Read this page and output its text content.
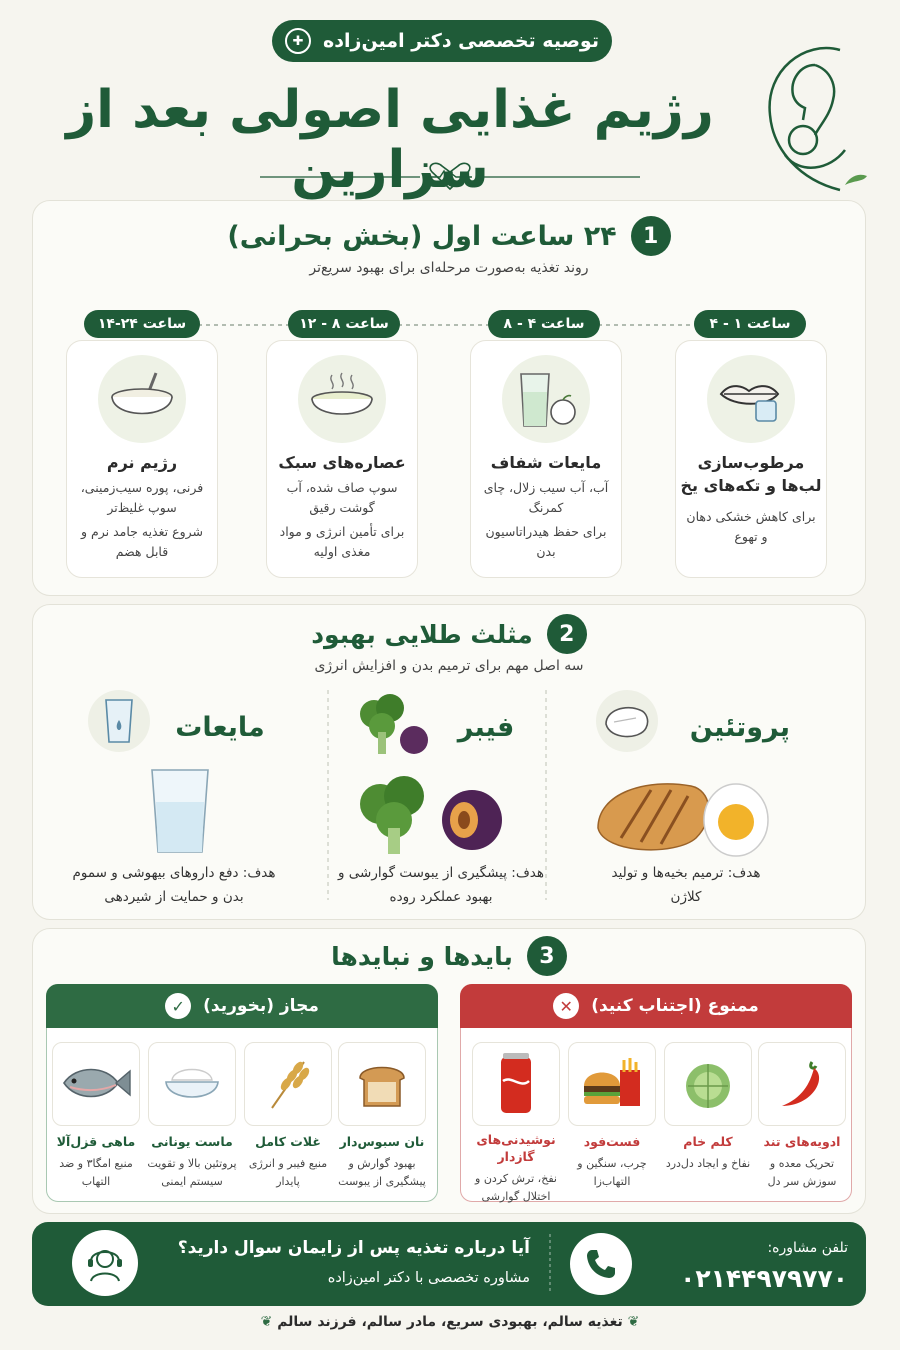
توصیه تخصصی دکتر امین‌زاده
✚
رژیم غذایی اصولی بعد از سزارین
1
۲۴ ساعت اول (بخش بحرانی)
روند تغذیه به‌صورت مرحله‌ای برای بهبود سریع‌تر
ساعت ۱ - ۴
ساعت ۴ - ۸
ساعت ۸ - ۱۲
ساعت ۲۴-۱۴
مرطوب‌سازی لب‌ها و تکه‌های یخ
برای کاهش خشکی دهان و تهوع
مایعات شفاف
آب، آب سیب زلال، چای کمرنگ
برای حفظ هیدراتاسیون بدن
عصاره‌های سبک
سوپ صاف شده، آب گوشت رقیق
برای تأمین انرژی و مواد مغذی اولیه
رژیم نرم
فرنی، پوره سیب‌زمینی، سوپ غلیظ‌تر
شروع تغذیه جامد نرم و قابل هضم
2
مثلث طلایی بهبود
سه اصل مهم برای ترمیم بدن و افزایش انرژی
پروتئین
هدف: ترمیم بخیه‌ها و تولید کلاژن
فیبر
هدف: پیشگیری از یبوست گوارشی و بهبود عملکرد روده
مایعات
هدف: دفع داروهای بیهوشی و سموم بدن و حمایت از شیردهی
3
بایدها و نبایدها
ممنوع (اجتناب کنید)
✕
مجاز (بخورید)
✓
ادویه‌های تند
تحریک معده و سوزش سر دل
کلم خام
نفاخ و ایجاد دل‌درد
فست‌فود
چرب، سنگین و التهاب‌زا
نوشیدنی‌های گازدار
نفخ، ترش کردن و اختلال گوارشی
نان سبوس‌دار
بهبود گوارش و پیشگیری از یبوست
غلات کامل
منبع فیبر و انرژی پایدار
ماست یونانی
پروتئین بالا و تقویت سیستم ایمنی
ماهی قزل‌آلا
منبع امگا۳ و ضد التهاب
تلفن مشاوره:
۰۲۱۴۴۹۷۹۷۷۰
آیا درباره تغذیه پس از زایمان سوال دارید؟
مشاوره تخصصی با دکتر امین‌زاده
❦ تغذیه سالم، بهبودی سریع، مادر سالم، فرزند سالم ❦
